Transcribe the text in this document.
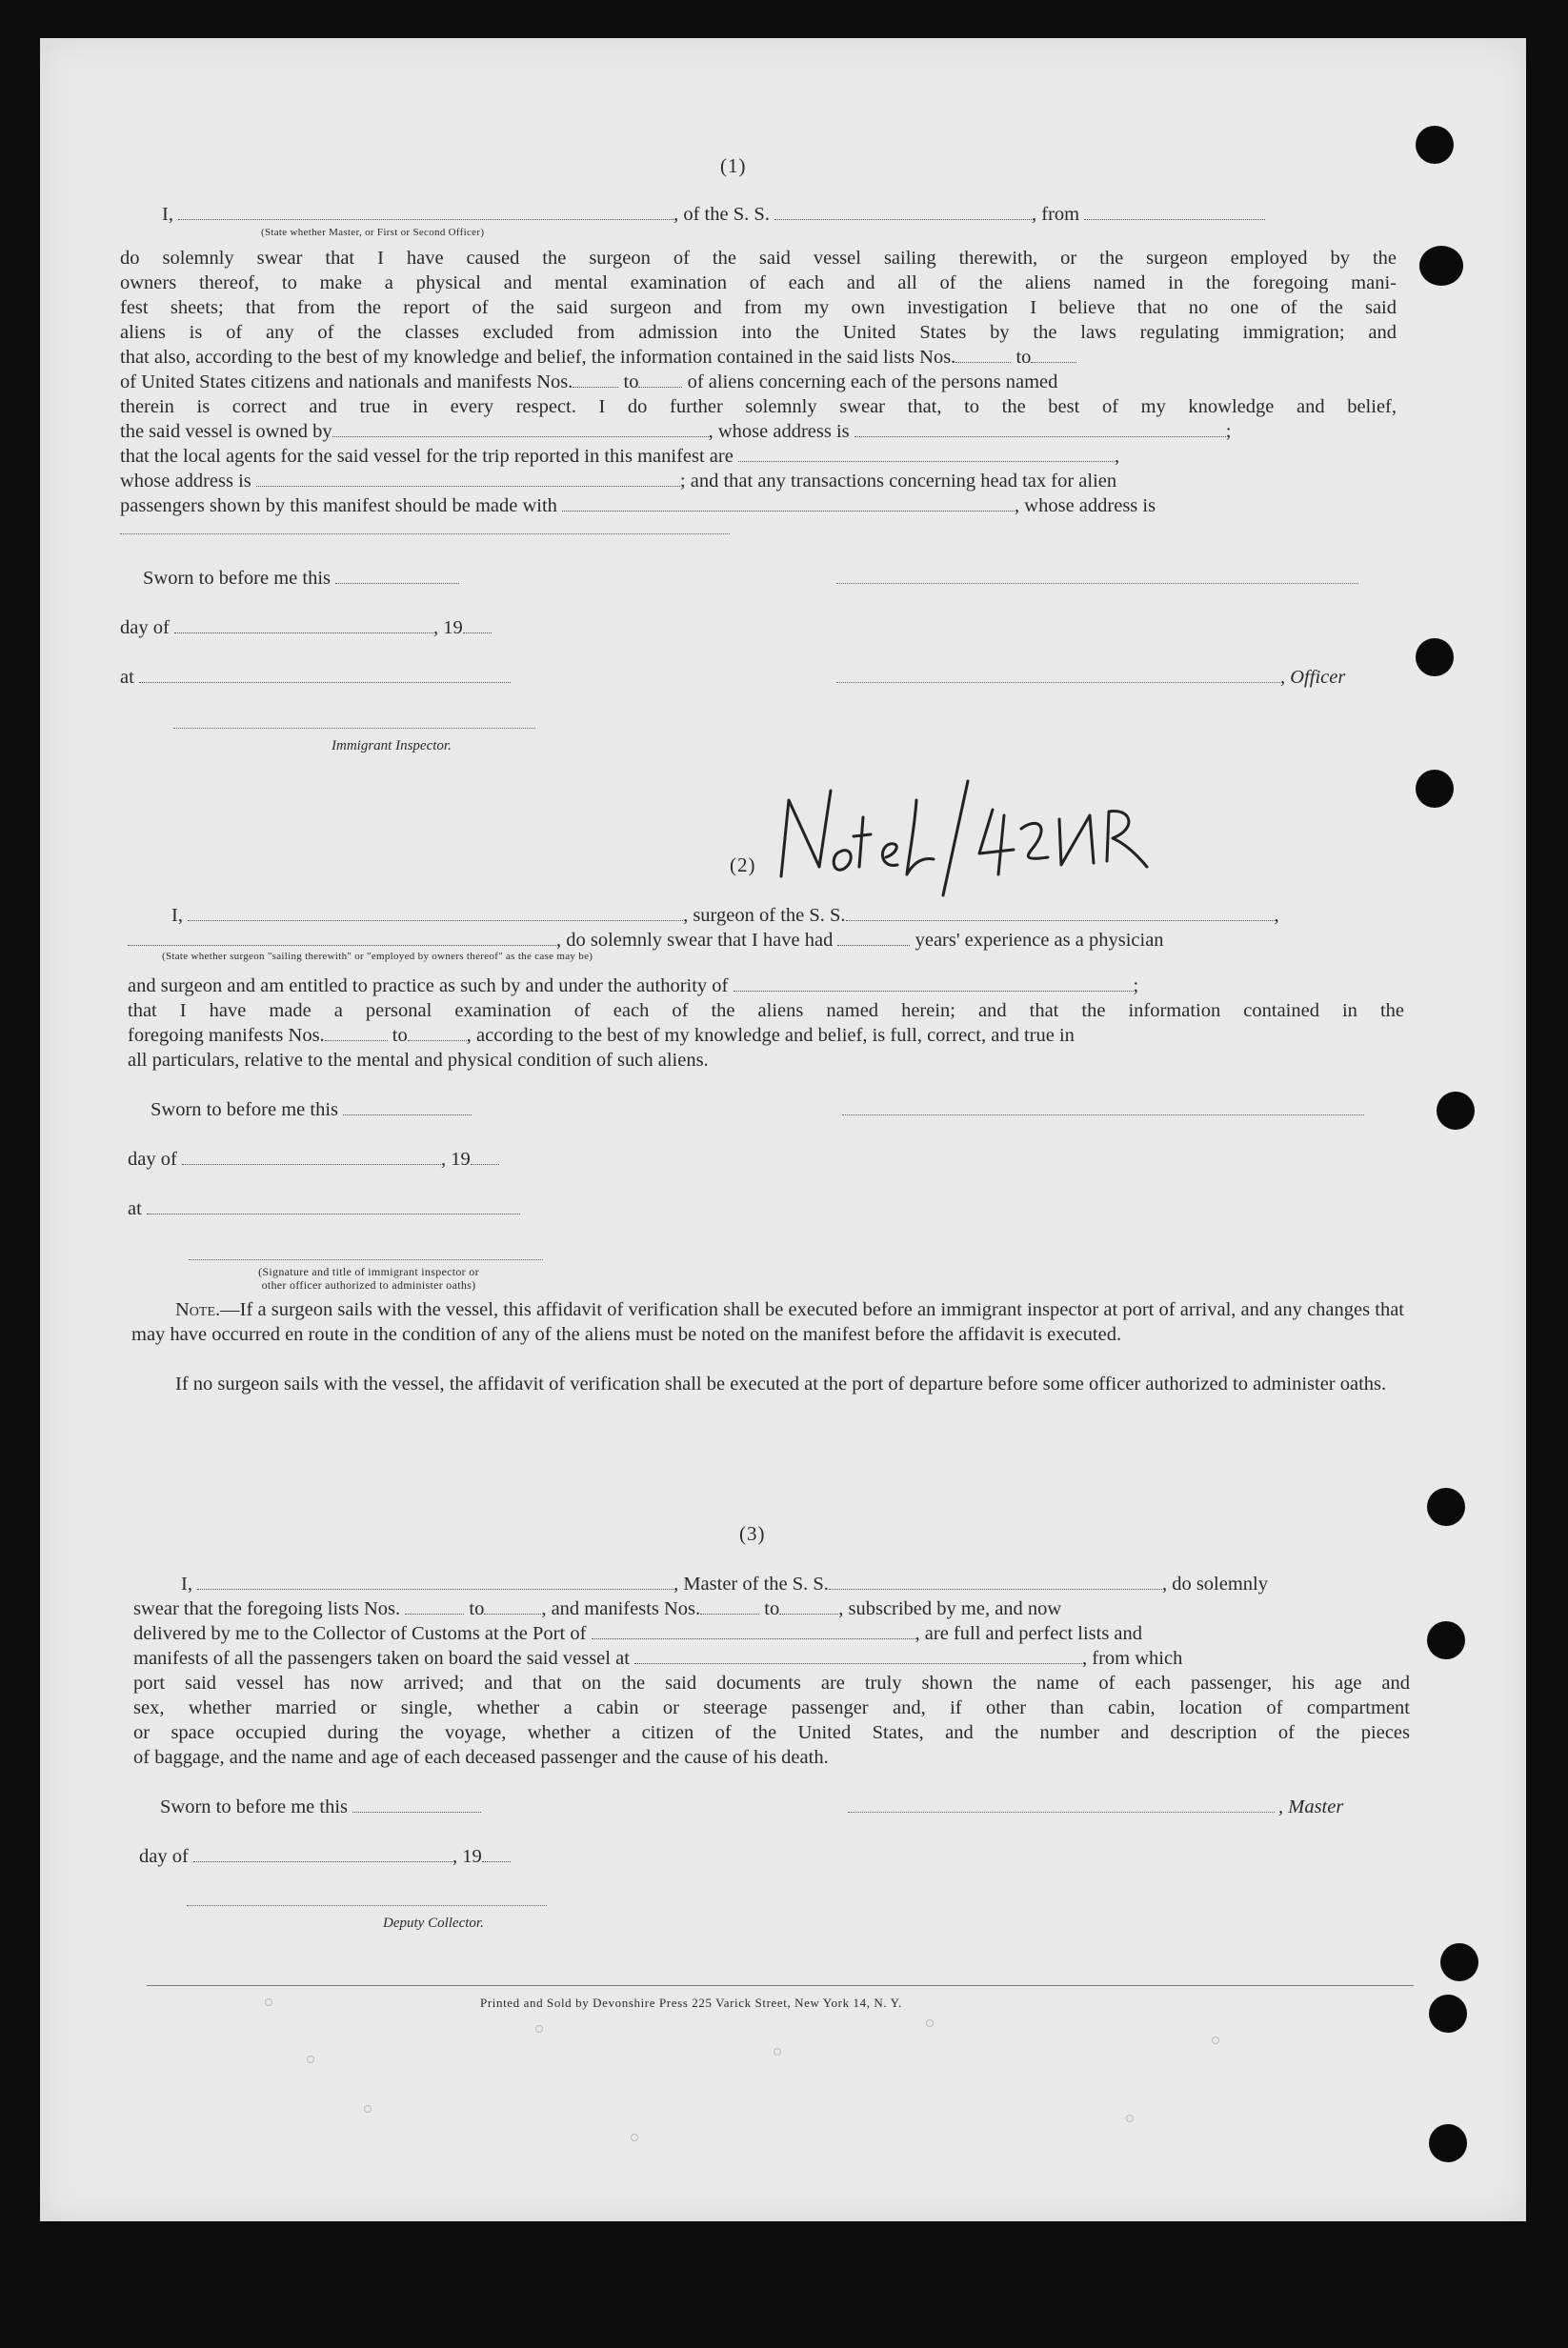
(1)
I,	, of the S. S.	, from
(State whether Master, or First or Second Officer)
do solemnly swear that I have caused the surgeon of the said vessel sailing therewith, or the surgeon employed by the
owners thereof, to make a physical and mental examination of each and all of the aliens named in the foregoing mani-
fest sheets; that from the report of the said surgeon and from my own investigation I believe that no one of the said
aliens is of any of the classes excluded from admission into the United States by the laws regulating immigration; and
that also, according to the best of my knowledge and belief, the information contained in the said lists Nos.	to
of United States citizens and nationals and manifests Nos.	to of aliens concerning each of the persons named
therein is correct and true in every respect. I do further solemnly swear that, to the best of my knowledge and belief,
the said vessel is owned by	, whose address is	;
that the local agents for the said vessel for the trip reported in this manifest are	,
whose address is	; and that any transactions concerning head tax for alien
passengers shown by this manifest should be made with	, whose address is
Sworn to before me this
day of	, 19
at	, Officer
Immigrant Inspector.
Noted 42NR
(2)
I,	, surgeon of the S. S.	,
, do solemnly swear that I have had	years' experience as a physician
(State whether surgeon "sailing therewith" or "employed by owners thereof" as the case may be)
and surgeon and am entitled to practice as such by and under the authority of	;
that I have made a personal examination of each of the aliens named herein; and that the information contained in the
foregoing manifests Nos.	to	, according to the best of my knowledge and belief, is full, correct, and true in
all particulars, relative to the mental and physical condition of such aliens.
Sworn to before me this
day of	, 19
at
(Signature and title of immigrant inspector or
other officer authorized to administer oaths)
Note.—If a surgeon sails with the vessel, this affidavit of verification shall be executed before an immigrant inspector at port of arrival, and any changes that may have occurred en route in the condition of any of the aliens must be noted on the manifest before the affidavit is executed.
If no surgeon sails with the vessel, the affidavit of verification shall be executed at the port of departure before some officer authorized to administer oaths.
(3)
I,	, Master of the S. S.	, do solemnly
swear that the foregoing lists Nos.	to	, and manifests Nos.	to	, subscribed by me, and now
delivered by me to the Collector of Customs at the Port of	, are full and perfect lists and
manifests of all the passengers taken on board the said vessel at	, from which
port said vessel has now arrived; and that on the said documents are truly shown the name of each passenger, his age and
sex, whether married or single, whether a cabin or steerage passenger and, if other than cabin, location of compartment
or space occupied during the voyage, whether a citizen of the United States, and the number and description of the pieces
of baggage, and the name and age of each deceased passenger and the cause of his death.
Sworn to before me this	, Master
day of	, 19
Deputy Collector.
Printed and Sold by Devonshire Press 225 Varick Street, New York 14, N. Y.
